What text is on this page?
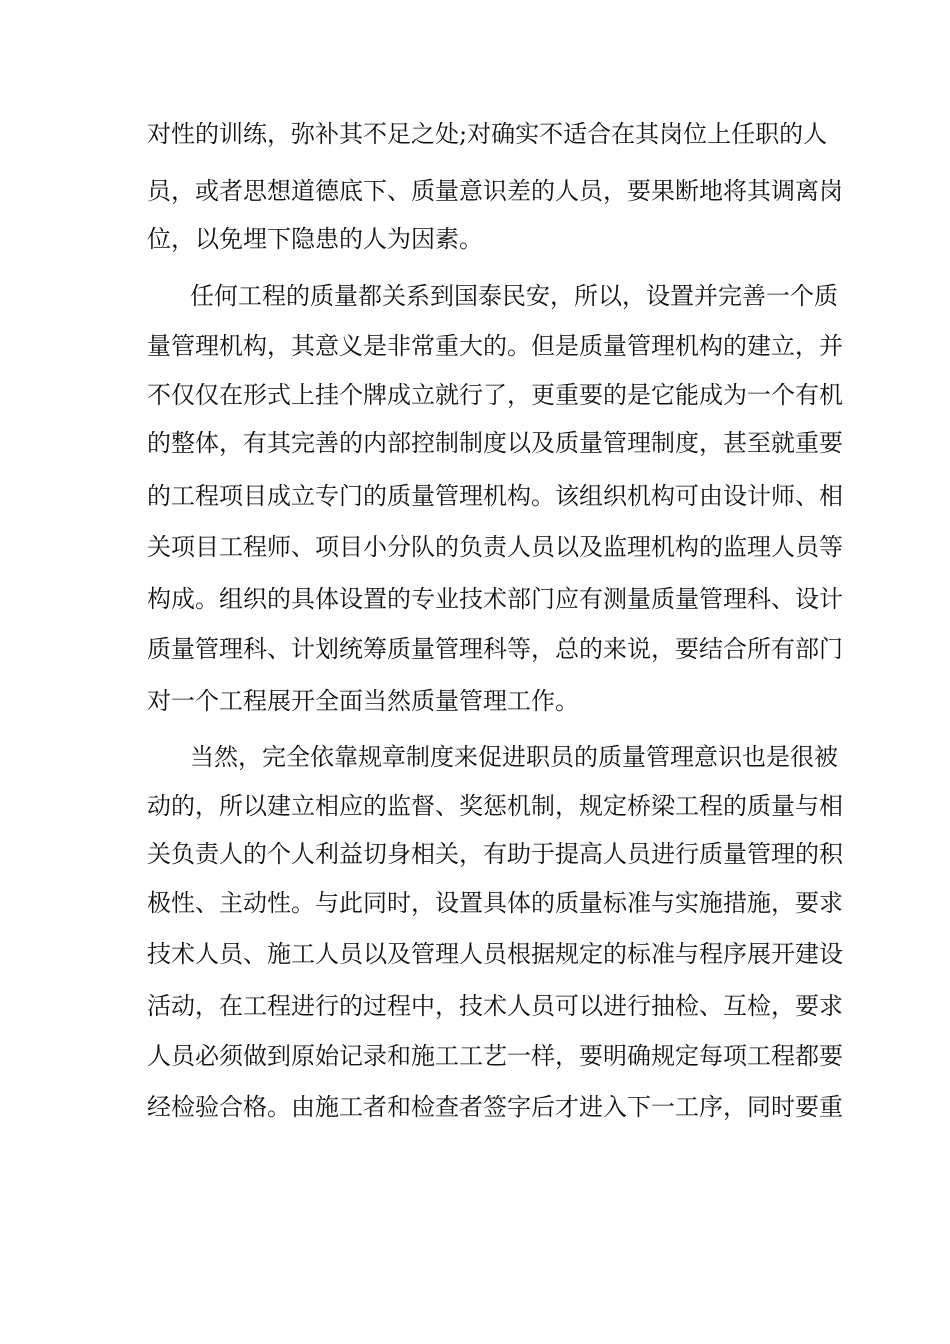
对性的训练，弥补其不足之处;对确实不适合在其岗位上任职的人

员，或者思想道德底下、质量意识差的人员，要果断地将其调离岗

位，以免埋下隐患的人为因素。

任何工程的质量都关系到国泰民安，所以，设置并完善一个质

量管理机构，其意义是非常重大的。但是质量管理机构的建立，并

不仅仅在形式上挂个牌成立就行了，更重要的是它能成为一个有机

的整体，有其完善的内部控制制度以及质量管理制度，甚至就重要

的工程项目成立专门的质量管理机构。该组织机构可由设计师、相

关项目工程师、项目小分队的负责人员以及监理机构的监理人员等

构成。组织的具体设置的专业技术部门应有测量质量管理科、设计

质量管理科、计划统筹质量管理科等，总的来说，要结合所有部门

对一个工程展开全面当然质量管理工作。

当然，完全依靠规章制度来促进职员的质量管理意识也是很被

动的，所以建立相应的监督、奖惩机制，规定桥梁工程的质量与相

关负责人的个人利益切身相关，有助于提高人员进行质量管理的积

极性、主动性。与此同时，设置具体的质量标准与实施措施，要求

技术人员、施工人员以及管理人员根据规定的标准与程序展开建设

活动，在工程进行的过程中，技术人员可以进行抽检、互检，要求

人员必须做到原始记录和施工工艺一样，要明确规定每项工程都要

经检验合格。由施工者和检查者签字后才进入下一工序，同时要重
